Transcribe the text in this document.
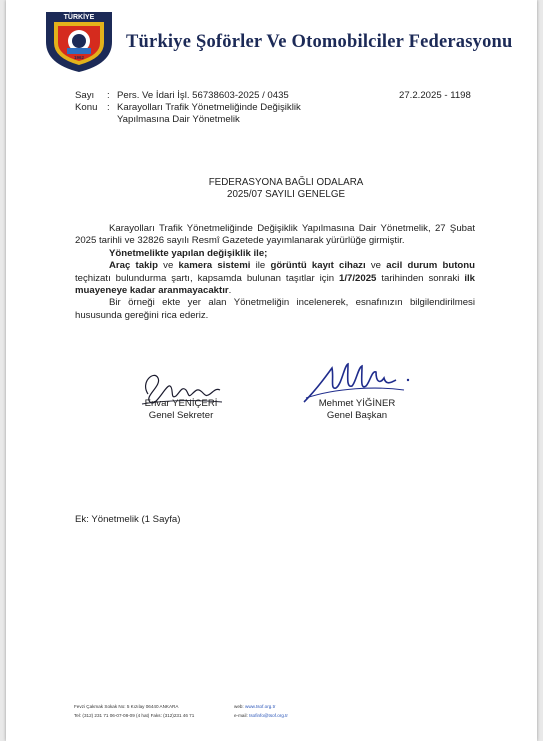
TÜRKİYE
1962
Türkiye Şoförler Ve Otomobilciler Federasyonu
Sayı	: Pers. Ve İdari İşl. 56738603-2025 / 0435
Konu : Karayolları Trafik Yönetmeliğinde Değişiklik Yapılmasına Dair Yönetmelik
27.2.2025 - 1198
FEDERASYONA BAĞLI ODALARA
2025/07 SAYILI GENELGE

Karayolları Trafik Yönetmeliğinde Değişiklik Yapılmasına Dair Yönetmelik, 27 Şubat 2025 tarihli ve 32826 sayılı Resmî Gazetede yayımlanarak yürürlüğe girmiştir.

Yönetmelikte yapılan değişiklik ile;

Araç takip ve kamera sistemi ile görüntü kayıt cihazı ve acil durum butonu teçhizatı bulundurma şartı, kapsamda bulunan taşıtlar için 1/7/2025 tarihinden sonraki ilk muayeneye kadar aranmayacaktır.

Bir örneği ekte yer alan Yönetmeliğin incelenerek, esnafınızın bilgilendirilmesi hususunda gereğini rica ederiz.

Envar YENİÇERİ
Genel Sekreter
Mehmet YİĞİNER
Genel Başkan
Ek: Yönetmelik (1 Sayfa)
Fevzi Çakmak Sokak No: 5 Kızılay 06440 ANKARA
Tel: (312) 231 71 06-07-08-09 (4 hat) Faks: (312)231 46 71
web: www.tsof.org.tr
e-mail: tsofinfo@tsof.org.tr
